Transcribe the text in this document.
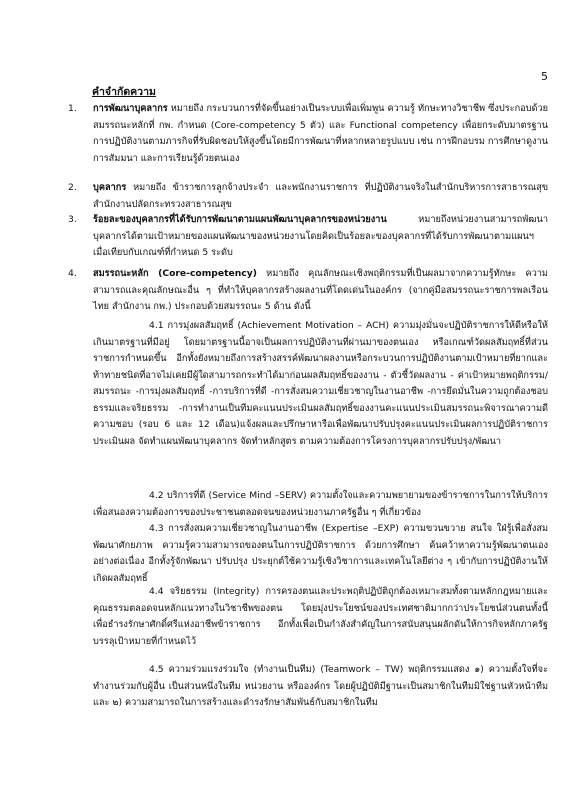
5
คำจำกัดความ
1.	การพัฒนาบุคลากร หมายถึง กระบวนการที่จัดขึ้นอย่างเป็นระบบเพื่อเพิ่มพูน ความรู้ ทักษะทางวิชาชีพ ซึ่งประกอบด้วยสมรรถนะหลักที่ กพ. กำหนด (Core-competency 5 ตัว) และ Functional competency เพื่อยกระดับมาตรฐานการปฏิบัติงานตามภารกิจที่รับผิดชอบให้สูงขึ้นโดยมีการพัฒนาที่หลากหลายรูปแบบ เช่น การฝึกอบรม การศึกษาดูงาน การสัมมนา และการเรียนรู้ด้วยตนเอง
2.	บุคลากร หมายถึง ข้าราชการลูกจ้างประจำ และพนักงานราชการ ที่ปฏิบัติงานจริงในสำนักบริหารการสาธารณสุข สำนักงานปลัดกระทรวงสาธารณสุข
3.	ร้อยละของบุคลากรที่ได้รับการพัฒนาตามแผนพัฒนาบุคลากรของหน่วยงาน หมายถึงหน่วยงานสามารถพัฒนาบุคลากรได้ตามเป้าหมายของแผนพัฒนาของหน่วยงานโดยคิดเป็นร้อยละของบุคลากรที่ได้รับการพัฒนาตามแผนฯเมื่อเทียบกับเกณฑ์ที่กำหนด 5 ระดับ
4.	สมรรถนะหลัก (Core-competency) หมายถึง คุณลักษณะเชิงพฤติกรรมที่เป็นผลมาจากความรู้ทักษะ ความสามารถและคุณลักษณะอื่น ๆ ที่ทำให้บุคลากรสร้างผลงานที่โดดเด่นในองค์กร (จากคู่มือสมรรถนะราชการพลเรือนไทย สำนักงาน กพ.) ประกอบด้วยสมรรถนะ 5 ด้าน ดังนี้
4.1 การมุ่งผลสัมฤทธิ์ (Achievement Motivation – ACH) ความมุ่งมั่นจะปฏิบัติราชการให้ดีหรือให้เกินมาตรฐานที่มีอยู่ โดยมาตรฐานนี้อาจเป็นผลการปฏิบัติงานที่ผ่านมาของตนเอง หรือเกณฑ์วัดผลสัมฤทธิ์ที่ส่วนราชการกำหนดขึ้น อีกทั้งยังหมายถึงการสร้างสรรค์พัฒนาผลงานหรือกระบวนการปฏิบัติงานตามเป้าหมายที่ยากและท้าทายชนิดที่อาจไม่เคยมีผู้ใดสามารถกระทำได้มาก่อนผลสัมฤทธิ์ของงาน - ตัวชี้วัดผลงาน - ค่าเป้าหมายพฤติกรรม/สมรรถนะ -การมุ่งผลสัมฤทธิ์ -การบริการที่ดี -การสั่งสมความเชี่ยวชาญในงานอาชีพ -การยึดมั่นในความถูกต้องชอบธรรมและจริยธรรม -การทำงานเป็นทีมคะแนนประเมินผลสัมฤทธิ์ของงานคะแนนประเมินสมรรถนะพิจารณาความดีความชอบ (รอบ 6 และ 12 เดือน)แจ้งผลและปรึกษาหารือเพื่อพัฒนาปรับปรุงคะแนนประเมินผลการปฏิบัติราชการประเมินผล จัดทำแผนพัฒนาบุคลากร จัดทำหลักสูตร ตามความต้องการโครงการบุคลากรปรับปรุง/พัฒนา
4.2 บริการที่ดี (Service Mind –SERV) ความตั้งใจและความพยายามของข้าราชการในการให้บริการเพื่อสนองความต้องการของประชาชนตลอดจนของหน่วยงานภาครัฐอื่น ๆ ที่เกี่ยวข้อง
4.3 การสั่งสมความเชี่ยวชาญในงานอาชีพ (Expertise –EXP) ความขวนขวาย สนใจ ใฝ่รู้เพื่อสั่งสมพัฒนาศักยภาพ ความรู้ความสามารถของตนในการปฏิบัติราชการ ด้วยการศึกษา ค้นคว้าหาความรู้พัฒนาตนเองอย่างต่อเนื่อง อีกทั้งรู้จักพัฒนา ปรับปรุง ประยุกต์ใช้ความรู้เชิงวิชาการและเทคโนโลยีต่าง ๆ เข้ากับการปฏิบัติงานให้เกิดผลสัมฤทธิ์
4.4 จริยธรรม (Integrity) การครองตนและประพฤติปฏิบัติถูกต้องเหมาะสมทั้งตามหลักกฎหมายและคุณธรรมตลอดจนหลักแนวทางในวิชาชีพของตน โดยมุ่งประโยชน์ของประเทศชาติมากกว่าประโยชน์ส่วนตนทั้งนี้ เพื่อธำรงรักษาศักดิ์ศรีแห่งอาชีพข้าราชการ อีกทั้งเพื่อเป็นกำลังสำคัญในการสนับสนุนผลักดันให้การกิจหลักภาครัฐบรรลุเป้าหมายที่กำหนดไว้
4.5 ความร่วมแรงร่วมใจ (ทำงานเป็นทีม) (Teamwork – TW) พฤติกรรมแสดง ๑) ความตั้งใจที่จะทำงานร่วมกับผู้อื่น เป็นส่วนหนึ่งในทีม หน่วยงาน หรือองค์กร โดยผู้ปฏิบัติมีฐานะเป็นสมาชิกในทีมมิใช่ฐานหัวหน้าทีม และ ๒) ความสามารถในการสร้างและดำรงรักษาสัมพันธ์กับสมาชิกในทีม
